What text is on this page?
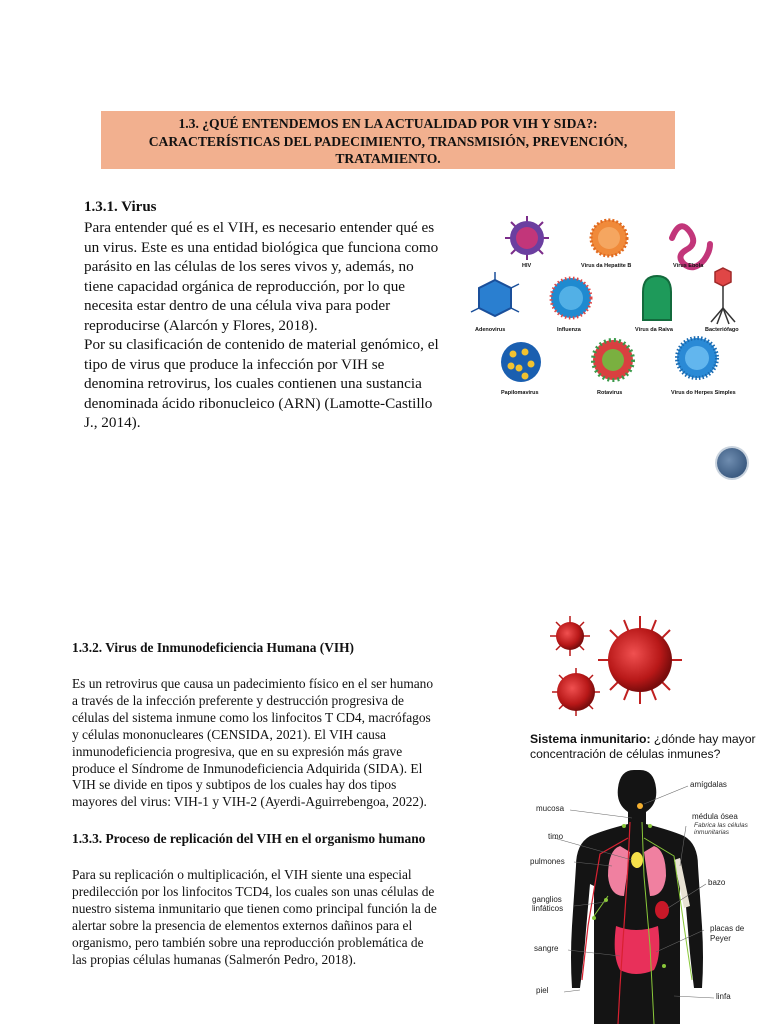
1.3. ¿QUÉ ENTENDEMOS EN LA ACTUALIDAD POR VIH Y SIDA?:
CARACTERÍSTICAS DEL PADECIMIENTO, TRANSMISIÓN, PREVENCIÓN,
TRATAMIENTO.
1.3.1. Virus
Para entender qué es el VIH, es necesario entender qué es
un virus. Este es una entidad biológica que funciona como
parásito en las células de los seres vivos y, además, no
tiene capacidad orgánica de reproducción, por lo que
necesita estar dentro de una célula viva para poder
reproducirse (Alarcón y Flores, 2018).
Por su clasificación de contenido de material genómico, el
tipo de virus que produce la infección por VIH se
denomina retrovirus, los cuales contienen una sustancia
denominada ácido ribonucleico (ARN) (Lamotte-Castillo
J., 2014).
HIV	Virus da Hepatite B	Vírus Ebola
Adenovirus	Influenza	Vírus da Raiva	Bacteriófago
Papilomavirus	Rotavirus	Virus do Herpes Simples
1.3.2. Virus de Inmunodeficiencia Humana (VIH)
Es un retrovirus que causa un padecimiento físico en el ser humano
a través de la infección preferente y destrucción progresiva de
células del sistema inmune como los linfocitos T CD4, macrófagos
y células mononucleares (CENSIDA, 2021). El VIH causa
inmunodeficiencia progresiva, que en su expresión más grave
produce el Síndrome de Inmunodeficiencia Adquirida (SIDA). El
VIH se divide en tipos y subtipos de los cuales hay dos tipos
mayores del virus: VIH-1 y VIH-2 (Ayerdi-Aguirrebengoa, 2022).
1.3.3. Proceso de replicación del VIH en el organismo humano
Para su replicación o multiplicación, el VIH siente una especial
predilección por los linfocitos TCD4, los cuales son unas células de
nuestro sistema inmunitario que tienen como principal función la de
alertar sobre la presencia de elementos externos dañinos para el
organismo, pero también sobre una reproducción problemática de
las propias células humanas (Salmerón Pedro, 2018).
Sistema inmunitario: ¿dónde hay mayor
concentración de células inmunes?
amígdalas
mucosa
médula ósea
Fabrica las células
inmunitarias
timo
pulmones
bazo
ganglios
linfáticos
placas de
Peyer
sangre
piel
linfa
